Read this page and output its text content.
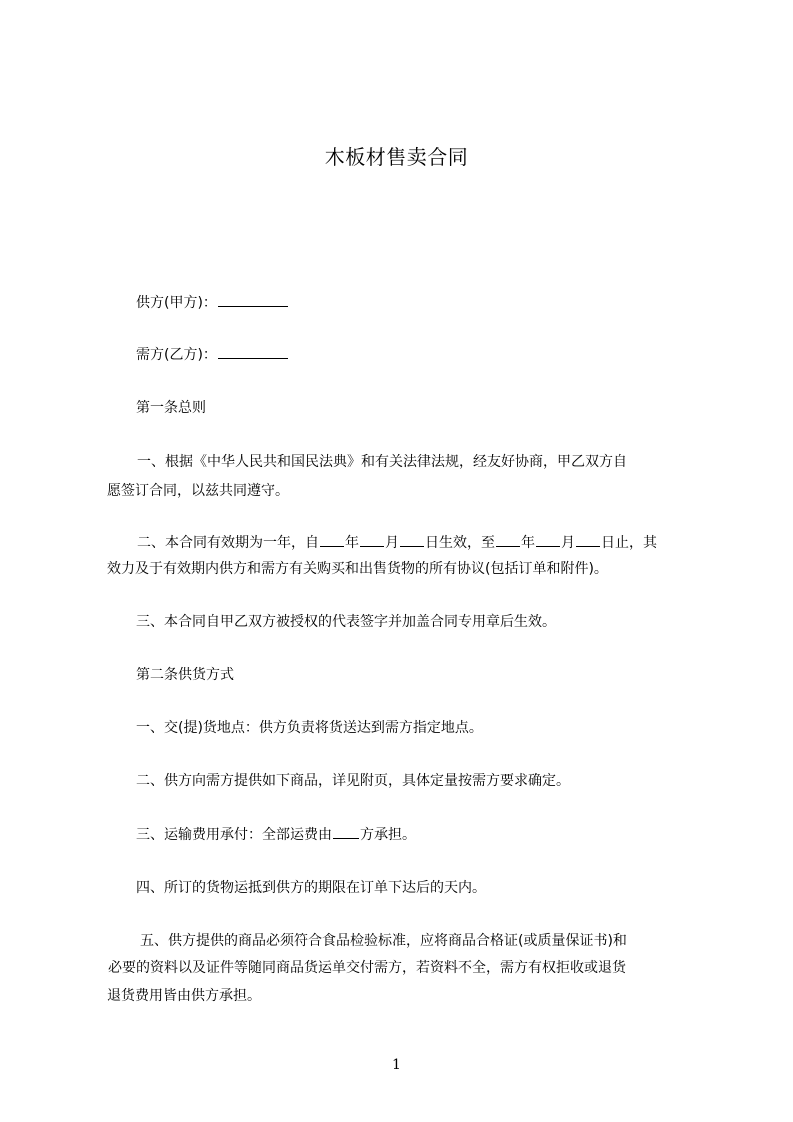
木板材售卖合同
供方(甲方)：
需方(乙方)：
第一条总则
一、根据《中华人民共和国民法典》和有关法律法规，经友好协商，甲乙双方自
愿签订合同，以兹共同遵守。
二、本合同有效期为一年，自 年 月 日生效，至 年 月 日止，其
效力及于有效期内供方和需方有关购买和出售货物的所有协议(包括订单和附件)。
三、本合同自甲乙双方被授权的代表签字并加盖合同专用章后生效。
第二条供货方式
一、交(提)货地点：供方负责将货送达到需方指定地点。
二、供方向需方提供如下商品，详见附页，具体定量按需方要求确定。
三、运输费用承付：全部运费由 方承担。
四、所订的货物运抵到供方的期限在订单下达后的天内。
五、供方提供的商品必须符合食品检验标准，应将商品合格证(或质量保证书)和
必要的资料以及证件等随同商品货运单交付需方，若资料不全，需方有权拒收或退货
退货费用皆由供方承担。
1
